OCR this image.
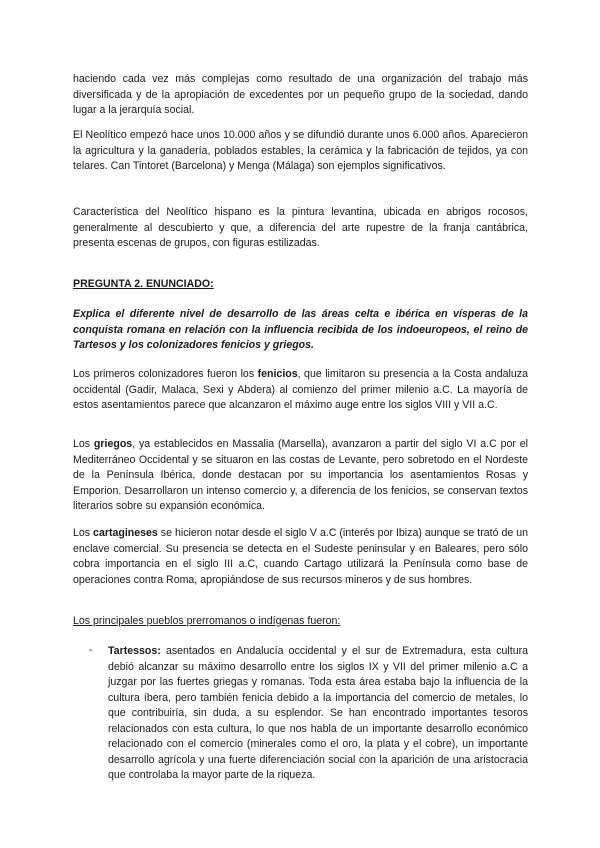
haciendo cada vez más complejas como resultado de una organización del trabajo más diversificada y de la apropiación de excedentes por un pequeño grupo de la sociedad, dando lugar a la jerarquía social.

El Neolítico empezó hace unos 10.000 años y se difundió durante unos 6.000 años. Aparecieron la agricultura y la ganadería, poblados estables, la cerámica y la fabricación de tejidos, ya con telares. Can Tintoret (Barcelona) y Menga (Málaga) son ejemplos significativos.

Característica del Neolítico hispano es la pintura levantina, ubicada en abrigos rocosos, generalmente al descubierto y que, a diferencia del arte rupestre de la franja cantábrica, presenta escenas de grupos, con figuras estilizadas.

PREGUNTA 2. ENUNCIADO:

Explica el diferente nivel de desarrollo de las áreas celta e ibérica en vísperas de la conquista romana en relación con la influencia recibida de los indoeuropeos, el reino de Tartesos y los colonizadores fenicios y griegos.

Los primeros colonizadores fueron los fenicios, que limitaron su presencia a la Costa andaluza occidental (Gadir, Malaca, Sexi y Abdera) al comienzo del primer milenio a.C. La mayoría de estos asentamientos parece que alcanzaron el máximo auge entre los siglos VIII y VII a.C.

Los griegos, ya establecidos en Massalia (Marsella), avanzaron a partir del siglo VI a.C por el Mediterráneo Occidental y se situaron en las costas de Levante, pero sobretodo en el Nordeste de la Península Ibérica, donde destacan por su importancia los asentamientos Rosas y Emporion. Desarrollaron un intenso comercio y, a diferencia de los fenicios, se conservan textos literarios sobre su expansión económica.

Los cartagineses se hicieron notar desde el siglo V a.C (interés por Ibiza) aunque se trató de un enclave comercial. Su presencia se detecta en el Sudeste peninsular y en Baleares, pero sólo cobra importancia en el siglo III a.C, cuando Cartago utilizará la Península como base de operaciones contra Roma, apropiándose de sus recursos mineros y de sus hombres.

Los principales pueblos prerromanos o indígenas fueron:

- Tartessos: asentados en Andalucía occidental y el sur de Extremadura, esta cultura debió alcanzar su máximo desarrollo entre los siglos IX y VII del primer milenio a.C a juzgar por las fuertes griegas y romanas. Toda esta área estaba bajo la influencia de la cultura íbera, pero también fenicia debido a la importancia del comercio de metales, lo que contribuiría, sin duda, a su esplendor. Se han encontrado importantes tesoros relacionados con esta cultura, lo que nos habla de un importante desarrollo económico relacionado con el comercio (minerales como el oro, la plata y el cobre), un importante desarrollo agrícola y una fuerte diferenciación social con la aparición de una aristocracia que controlaba la mayor parte de la riqueza.
